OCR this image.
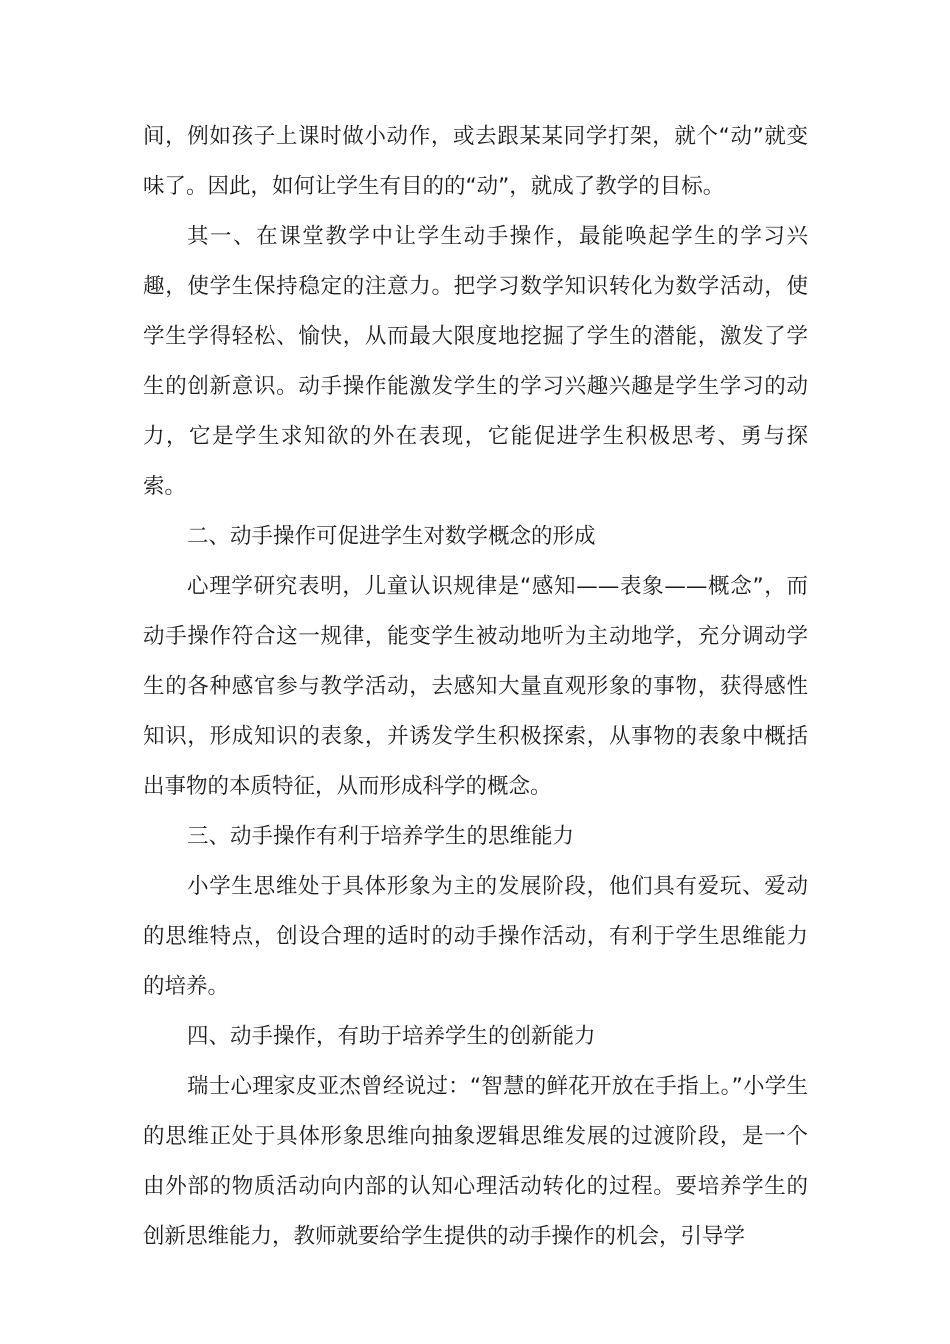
间，例如孩子上课时做小动作，或去跟某某同学打架，就个“动”就变味了。因此，如何让学生有目的的“动”，就成了教学的目标。

其一、在课堂教学中让学生动手操作，最能唤起学生的学习兴趣，使学生保持稳定的注意力。把学习数学知识转化为数学活动，使学生学得轻松、愉快，从而最大限度地挖掘了学生的潜能，激发了学生的创新意识。动手操作能激发学生的学习兴趣兴趣是学生学习的动力，它是学生求知欲的外在表现，它能促进学生积极思考、勇与探索。

二、动手操作可促进学生对数学概念的形成

心理学研究表明，儿童认识规律是“感知——表象——概念”，而动手操作符合这一规律，能变学生被动地听为主动地学，充分调动学生的各种感官参与教学活动，去感知大量直观形象的事物，获得感性知识，形成知识的表象，并诱发学生积极探索，从事物的表象中概括出事物的本质特征，从而形成科学的概念。

三、动手操作有利于培养学生的思维能力

小学生思维处于具体形象为主的发展阶段，他们具有爱玩、爱动的思维特点，创设合理的适时的动手操作活动，有利于学生思维能力的培养。

四、动手操作，有助于培养学生的创新能力

瑞士心理家皮亚杰曾经说过：“智慧的鲜花开放在手指上。”小学生的思维正处于具体形象思维向抽象逻辑思维发展的过渡阶段，是一个由外部的物质活动向内部的认知心理活动转化的过程。要培养学生的创新思维能力，教师就要给学生提供的动手操作的机会，引导学
